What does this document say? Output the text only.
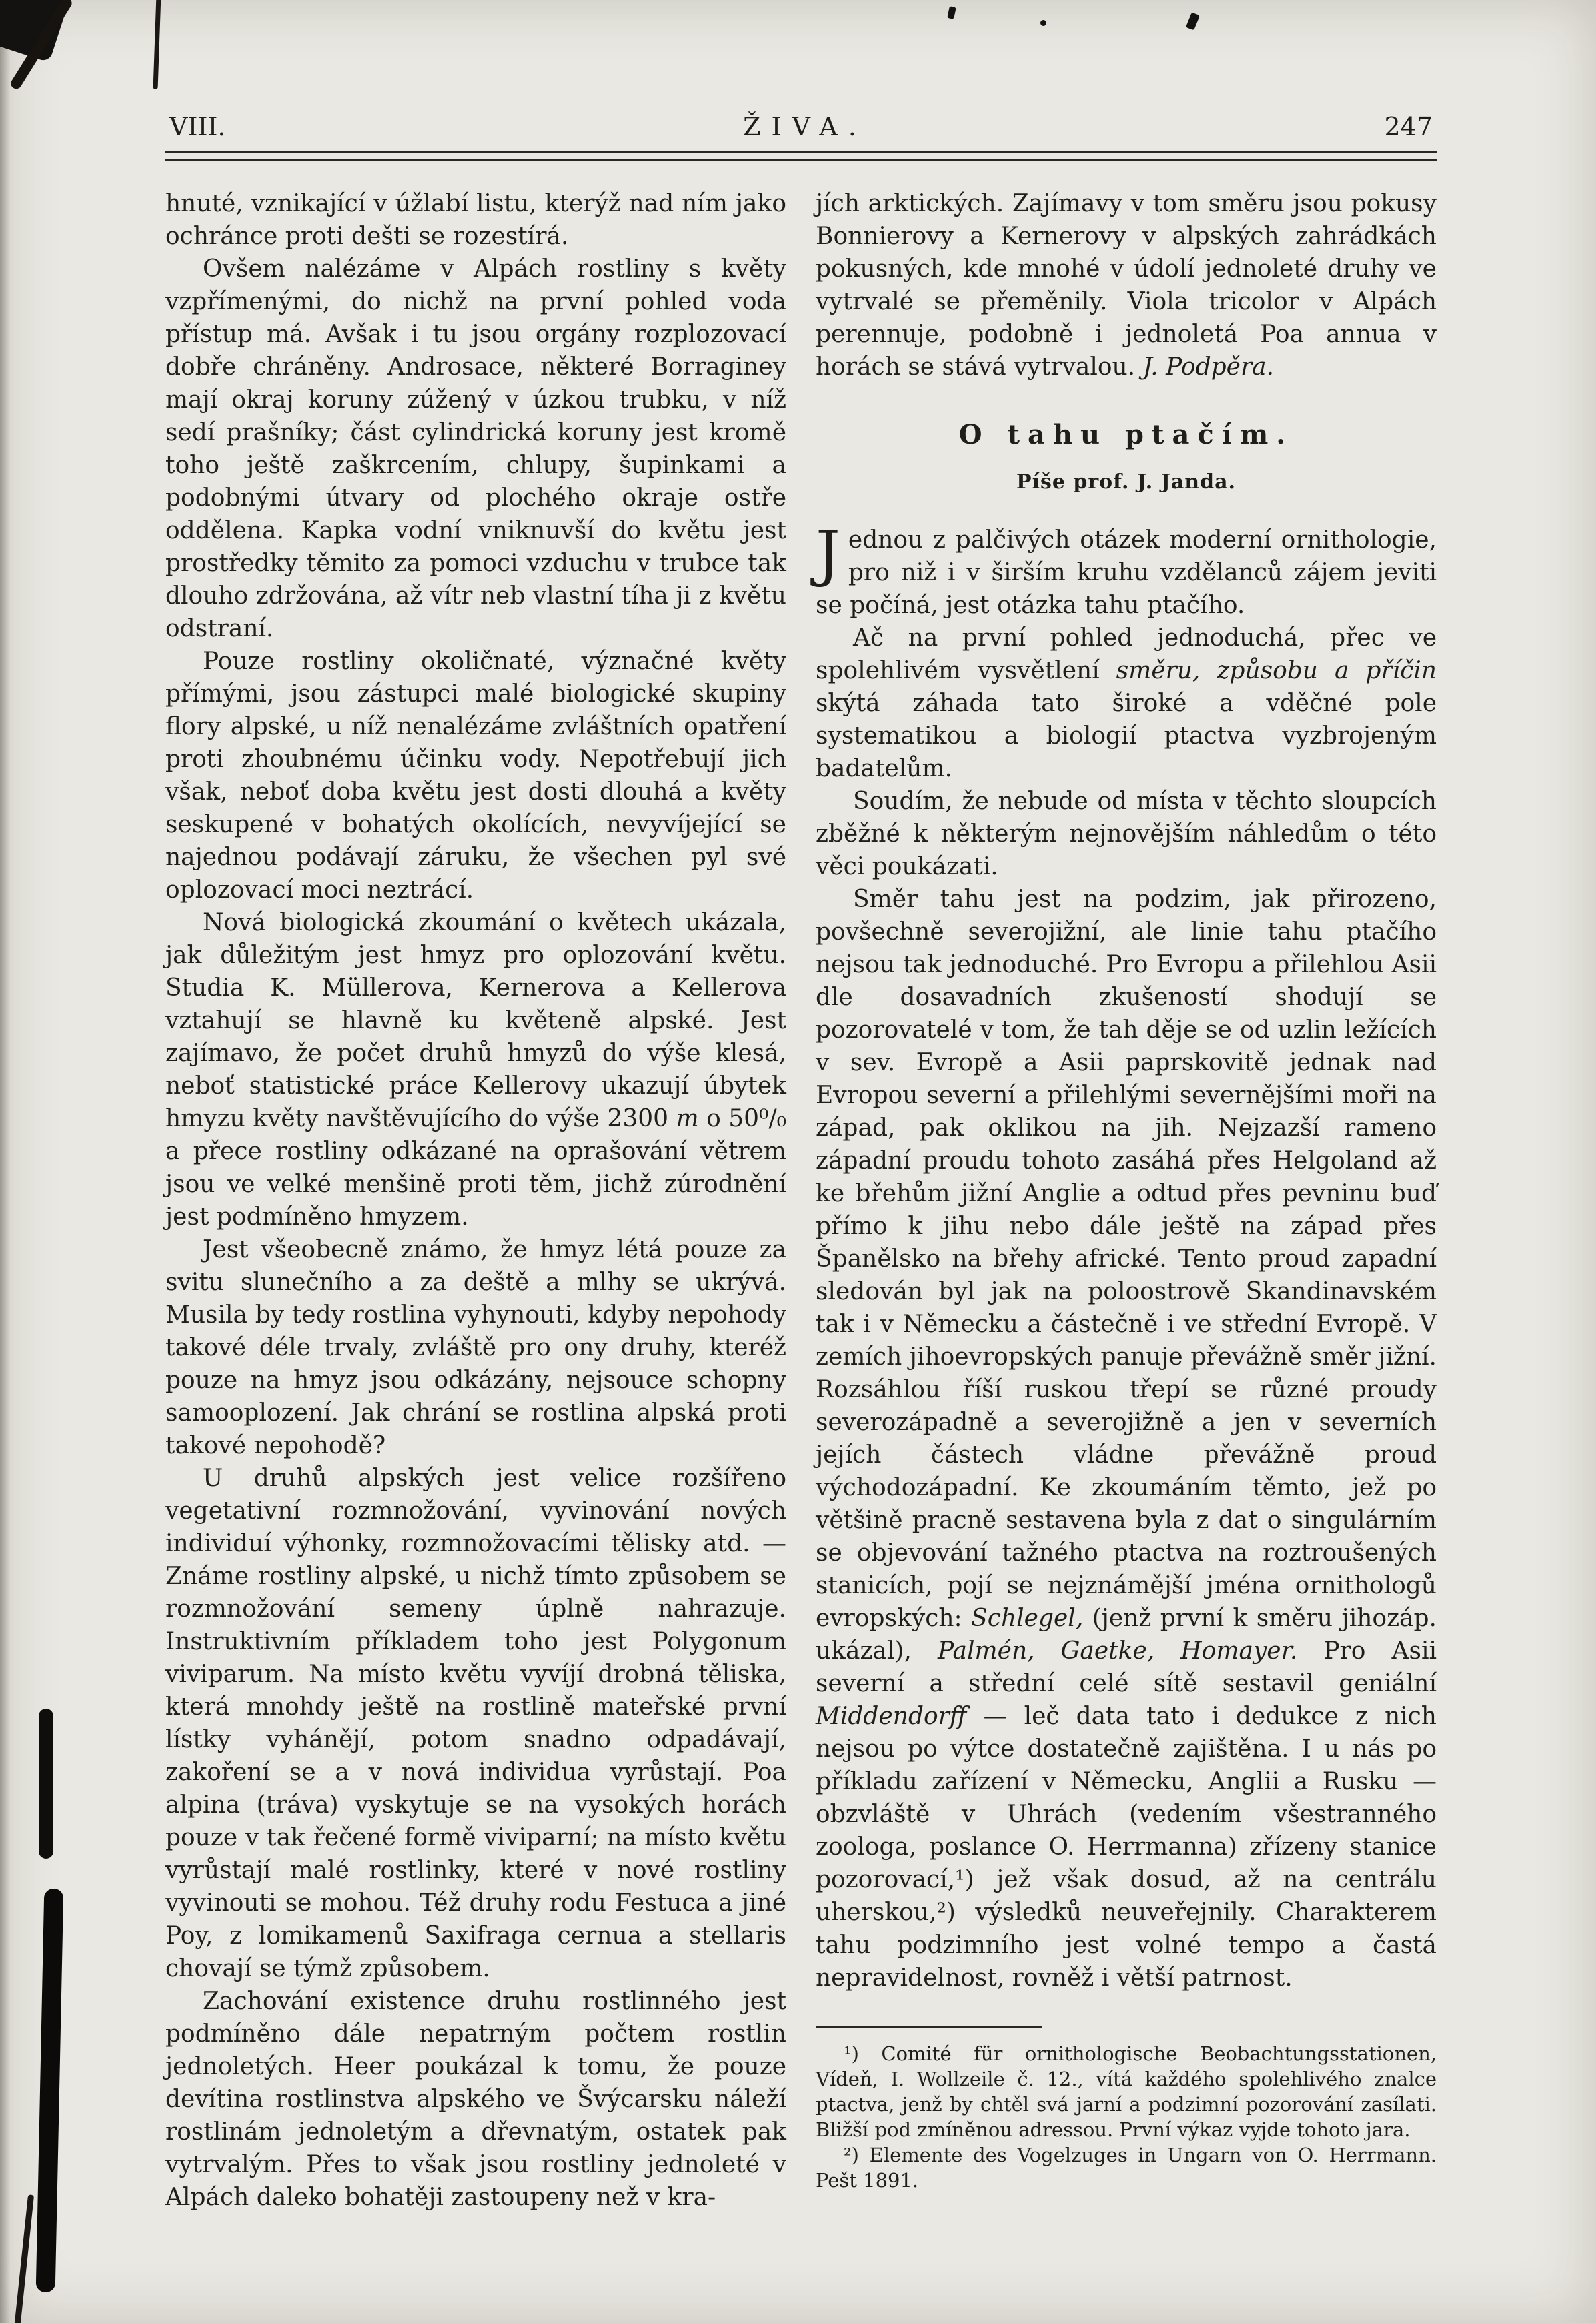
VIII.	ŽIVA.	247

hnuté, vznikající v úžlabí listu, kterýž nad ním jako ochránce proti dešti se rozestírá.

Ovšem nalézáme v Alpách rostliny s květy vzpřímenými, do nichž na první pohled voda přístup má. Avšak i tu jsou orgány rozplozovací dobře chráněny. Androsace, některé Borraginey mají okraj koruny zúžený v úzkou trubku, v níž sedí prašníky; část cylindrická koruny jest kromě toho ještě zaškrcením, chlupy, šupinkami a podobnými útvary od plochého okraje ostře oddělena. Kapka vodní vniknuvší do květu jest prostředky těmito za pomoci vzduchu v trubce tak dlouho zdržována, až vítr neb vlastní tíha ji z květu odstraní.

Pouze rostliny okoličnaté, význačné květy přímými, jsou zástupci malé biologické skupiny flory alpské, u níž nenalézáme zvláštních opatření proti zhoubnému účinku vody. Nepotřebují jich však, neboť doba květu jest dosti dlouhá a květy seskupené v bohatých okolících, nevyvíjející se najednou podávají záruku, že všechen pyl své oplozovací moci neztrácí.

Nová biologická zkoumání o květech ukázala, jak důležitým jest hmyz pro oplozování květu. Studia K. Müllerova, Kernerova a Kellerova vztahují se hlavně ku květeně alpské. Jest zajímavo, že počet druhů hmyzů do výše klesá, neboť statistické práce Kellerovy ukazují úbytek hmyzu květy navštěvujícího do výše 2300 m o 50⁰/₀ a přece rostliny odkázané na oprašování větrem jsou ve velké menšině proti těm, jichž zúrodnění jest podmíněno hmyzem.

Jest všeobecně známo, že hmyz létá pouze za svitu slunečního a za deště a mlhy se ukrývá. Musila by tedy rostlina vyhynouti, kdyby nepohody takové déle trvaly, zvláště pro ony druhy, kteréž pouze na hmyz jsou odkázány, nejsouce schopny samooplození. Jak chrání se rostlina alpská proti takové nepohodě?

U druhů alpských jest velice rozšířeno vegetativní rozmnožování, vyvinování nových individuí výhonky, rozmnožovacími tělisky atd. — Známe rostliny alpské, u nichž tímto způsobem se rozmnožování semeny úplně nahrazuje. Instruktivním příkladem toho jest Polygonum viviparum. Na místo květu vyvíjí drobná těliska, která mnohdy ještě na rostlině mateřské první lístky vyhánějí, potom snadno odpadávají, zakoření se a v nová individua vyrůstají. Poa alpina (tráva) vyskytuje se na vysokých horách pouze v tak řečené formě viviparní; na místo květu vyrůstají malé rostlinky, které v nové rostliny vyvinouti se mohou. Též druhy rodu Festuca a jiné Poy, z lomikamenů Saxifraga cernua a stellaris chovají se týmž způsobem.

Zachování existence druhu rostlinného jest podmíněno dále nepatrným počtem rostlin jednoletých. Heer poukázal k tomu, že pouze devítina rostlinstva alpského ve Švýcarsku náleží rostlinám jednoletým a dřevnatým, ostatek pak vytrvalým. Přes to však jsou rostliny jednoleté v Alpách daleko bohatěji zastoupeny než v kra-

jích arktických. Zajímavy v tom směru jsou pokusy Bonnierovy a Kernerovy v alpských zahrádkách pokusných, kde mnohé v údolí jednoleté druhy ve vytrvalé se přeměnily. Viola tricolor v Alpách perennuje, podobně i jednoletá Poa annua v horách se stává vytrvalou. J. Podpěra.

O tahu ptačím.
Píše prof. J. Janda.

Jednou z palčivých otázek moderní ornithologie, pro niž i v širším kruhu vzdělanců zájem jeviti se počíná, jest otázka tahu ptačího.

Ač na první pohled jednoduchá, přec ve spolehlivém vysvětlení směru, způsobu a příčin skýtá záhada tato široké a vděčné pole systematikou a biologií ptactva vyzbrojeným badatelům.

Soudím, že nebude od místa v těchto sloupcích zběžné k některým nejnovějším náhledům o této věci poukázati.

Směr tahu jest na podzim, jak přirozeno, povšechně severojižní, ale linie tahu ptačího nejsou tak jednoduché. Pro Evropu a přilehlou Asii dle dosavadních zkušeností shodují se pozorovatelé v tom, že tah děje se od uzlin ležících v sev. Evropě a Asii paprskovitě jednak nad Evropou severní a přilehlými severnějšími moři na západ, pak oklikou na jih. Nejzazší rameno západní proudu tohoto zasáhá přes Helgoland až ke břehům jižní Anglie a odtud přes pevninu buď přímo k jihu nebo dále ještě na západ přes Španělsko na břehy africké. Tento proud zapadní sledován byl jak na poloostrově Skandinavském tak i v Německu a částečně i ve střední Evropě. V zemích jihoevropských panuje převážně směr jižní. Rozsáhlou říší ruskou třepí se různé proudy severozápadně a severojižně a jen v severních jejích částech vládne převážně proud východozápadní. Ke zkoumáním těmto, jež po většině pracně sestavena byla z dat o singulárním se objevování tažného ptactva na roztroušených stanicích, pojí se nejznámější jména ornithologů evropských: Schlegel, (jenž první k směru jihozáp. ukázal), Palmén, Gaetke, Homayer. Pro Asii severní a střední celé sítě sestavil geniální Middendorff — leč data tato i dedukce z nich nejsou po výtce dostatečně zajištěna. I u nás po příkladu zařízení v Německu, Anglii a Rusku — obzvláště v Uhrách (vedením všestranného zoologa, poslance O. Herrmanna) zřízeny stanice pozorovací,¹) jež však dosud, až na centrálu uherskou,²) výsledků neuveřejnily. Charakterem tahu podzimního jest volné tempo a častá nepravidelnost, rovněž i větší patrnost.

¹) Comité für ornithologische Beobachtungsstationen, Vídeň, I. Wollzeile č. 12., vítá každého spolehlivého znalce ptactva, jenž by chtěl svá jarní a podzimní pozorování zasílati. Bližší pod zmíněnou adressou. První výkaz vyjde tohoto jara.

²) Elemente des Vogelzuges in Ungarn von O. Herrmann. Pešt 1891.
